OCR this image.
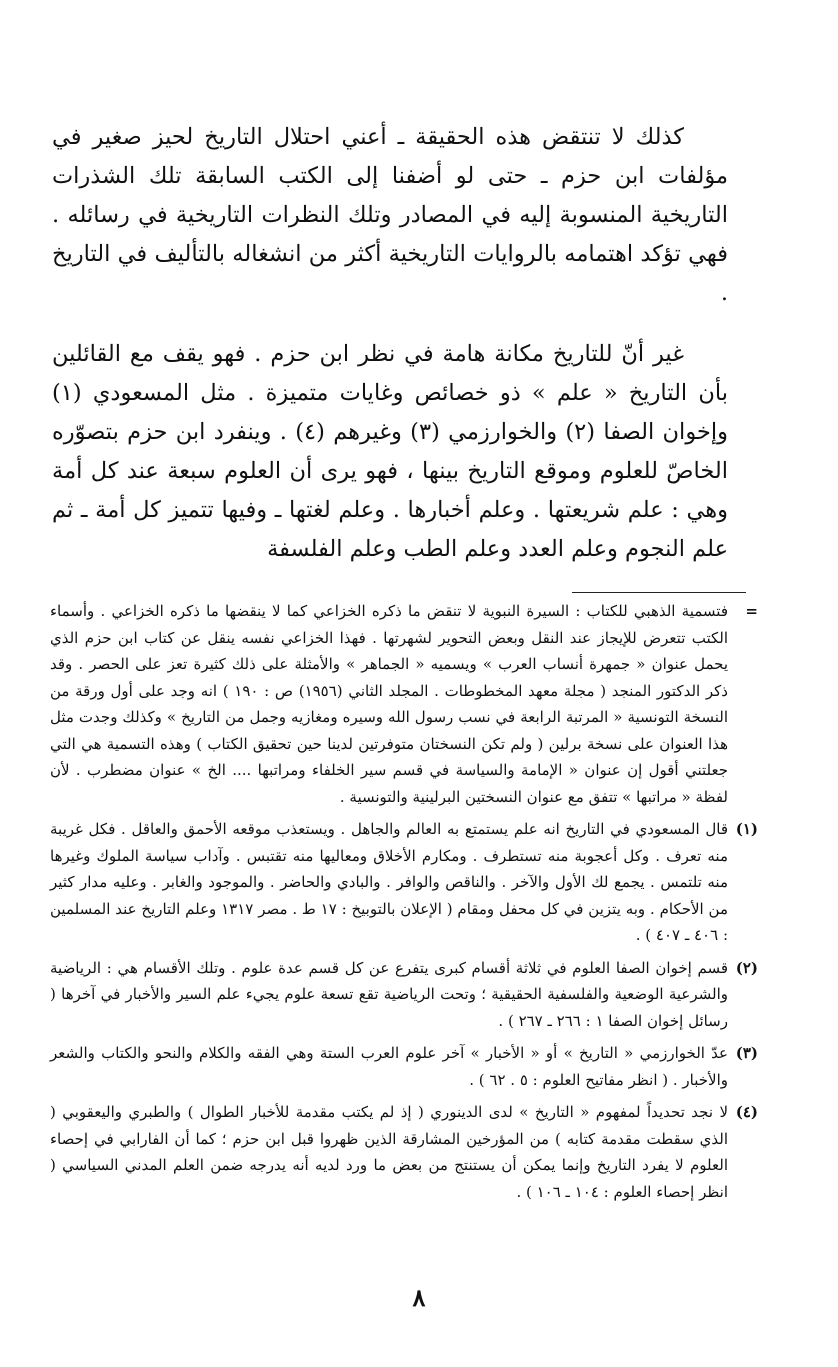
كذلك لا تنتقض هذه الحقيقة ـ أعني احتلال التاريخ لحيز صغير في مؤلفات ابن حزم ـ حتى لو أضفنا إلى الكتب السابقة تلك الشذرات التاريخية المنسوبة إليه في المصادر وتلك النظرات التاريخية في رسائله . فهي تؤكد اهتمامه بالروايات التاريخية أكثر من انشغاله بالتأليف في التاريخ .

غير أنّ للتاريخ مكانة هامة في نظر ابن حزم . فهو يقف مع القائلين بأن التاريخ « علم » ذو خصائص وغايات متميزة . مثل المسعودي (١) وإخوان الصفا (٢) والخوارزمي (٣) وغيرهم (٤) . وينفرد ابن حزم بتصوّره الخاصّ للعلوم وموقع التاريخ بينها ، فهو يرى أن العلوم سبعة عند كل أمة وهي : علم شريعتها . وعلم أخبارها . وعلم لغتها ـ وفيها تتميز كل أمة ـ ثم علم النجوم وعلم العدد وعلم الطب وعلم الفلسفة

=
فتسمية الذهبي للكتاب : السيرة النبوية لا تنقض ما ذكره الخزاعي كما لا ينقضها ما ذكره الخزاعي . وأسماء الكتب تتعرض للإيجاز عند النقل وبعض التحوير لشهرتها . فهذا الخزاعي نفسه ينقل عن كتاب ابن حزم الذي يحمل عنوان « جمهرة أنساب العرب » ويسميه « الجماهر » والأمثلة على ذلك كثيرة تعز على الحصر . وقد ذكر الدكتور المنجد ( مجلة معهد المخطوطات . المجلد الثاني (١٩٥٦) ص : ١٩٠ ) انه وجد على أول ورقة من النسخة التونسية « المرتبة الرابعة في نسب رسول الله وسيره ومغازيه وجمل من التاريخ » وكذلك وجدت مثل هذا العنوان على نسخة برلين ( ولم تكن النسختان متوفرتين لدينا حين تحقيق الكتاب ) وهذه التسمية هي التي جعلتني أقول إن عنوان « الإمامة والسياسة في قسم سير الخلفاء ومراتبها .... الخ » عنوان مضطرب . لأن لفظة « مراتبها » تتفق مع عنوان النسختين البرلينية والتونسية .
(١)
قال المسعودي في التاريخ انه علم يستمتع به العالم والجاهل . ويستعذب موقعه الأحمق والعاقل . فكل غريبة منه تعرف . وكل أعجوبة منه تستطرف . ومكارم الأخلاق ومعاليها منه تقتبس . وآداب سياسة الملوك وغيرها منه تلتمس . يجمع لك الأول والآخر . والناقص والوافر . والبادي والحاضر . والموجود والغابر . وعليه مدار كثير من الأحكام . وبه يتزين في كل محفل ومقام ( الإعلان بالتوبيخ : ١٧ ط . مصر ١٣١٧ وعلم التاريخ عند المسلمين : ٤٠٦ ـ ٤٠٧ ) .
(٢)
قسم إخوان الصفا العلوم في ثلاثة أقسام كبرى يتفرع عن كل قسم عدة علوم . وتلك الأقسام هي : الرياضية والشرعية الوضعية والفلسفية الحقيقية ؛ وتحت الرياضية تقع تسعة علوم يجيء علم السير والأخبار في آخرها ( رسائل إخوان الصفا ١ : ٢٦٦ ـ ٢٦٧ ) .
(٣)
عدّ الخوارزمي « التاريخ » أو « الأخبار » آخر علوم العرب الستة وهي الفقه والكلام والنحو والكتاب والشعر والأخبار . ( انظر مفاتيح العلوم : ٥ . ٦٢ ) .
(٤)
لا نجد تحديداً لمفهوم « التاريخ » لدى الدينوري ( إذ لم يكتب مقدمة للأخبار الطوال ) والطبري واليعقوبي ( الذي سقطت مقدمة كتابه ) من المؤرخين المشارقة الذين ظهروا قبل ابن حزم ؛ كما أن الفارابي في إحصاء العلوم لا يفرد التاريخ وإنما يمكن أن يستنتج من بعض ما ورد لديه أنه يدرجه ضمن العلم المدني السياسي ( انظر إحصاء العلوم : ١٠٤ ـ ١٠٦ ) .
٨
